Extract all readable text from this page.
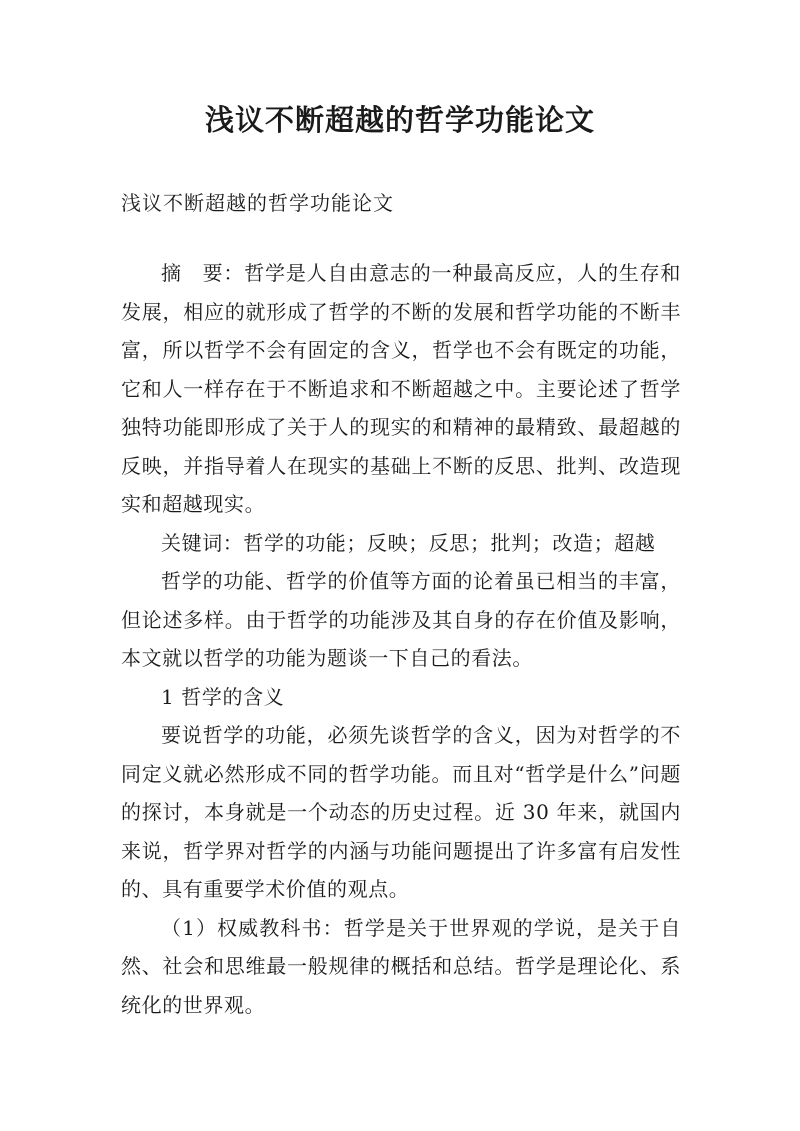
浅议不断超越的哲学功能论文

浅议不断超越的哲学功能论文

摘　要：哲学是人自由意志的一种最高反应，人的生存和发展，相应的就形成了哲学的不断的发展和哲学功能的不断丰富，所以哲学不会有固定的含义，哲学也不会有既定的功能，它和人一样存在于不断追求和不断超越之中。主要论述了哲学独特功能即形成了关于人的现实的和精神的最精致、最超越的反映，并指导着人在现实的基础上不断的反思、批判、改造现实和超越现实。

关键词：哲学的功能；反映；反思；批判；改造；超越

哲学的功能、哲学的价值等方面的论着虽已相当的丰富，但论述多样。由于哲学的功能涉及其自身的存在价值及影响，本文就以哲学的功能为题谈一下自己的看法。

1 哲学的含义

要说哲学的功能，必须先谈哲学的含义，因为对哲学的不同定义就必然形成不同的哲学功能。而且对“哲学是什么”问题的探讨，本身就是一个动态的历史过程。近 30 年来，就国内来说，哲学界对哲学的内涵与功能问题提出了许多富有启发性的、具有重要学术价值的观点。

（1）权威教科书：哲学是关于世界观的学说，是关于自然、社会和思维最一般规律的概括和总结。哲学是理论化、系统化的世界观。
